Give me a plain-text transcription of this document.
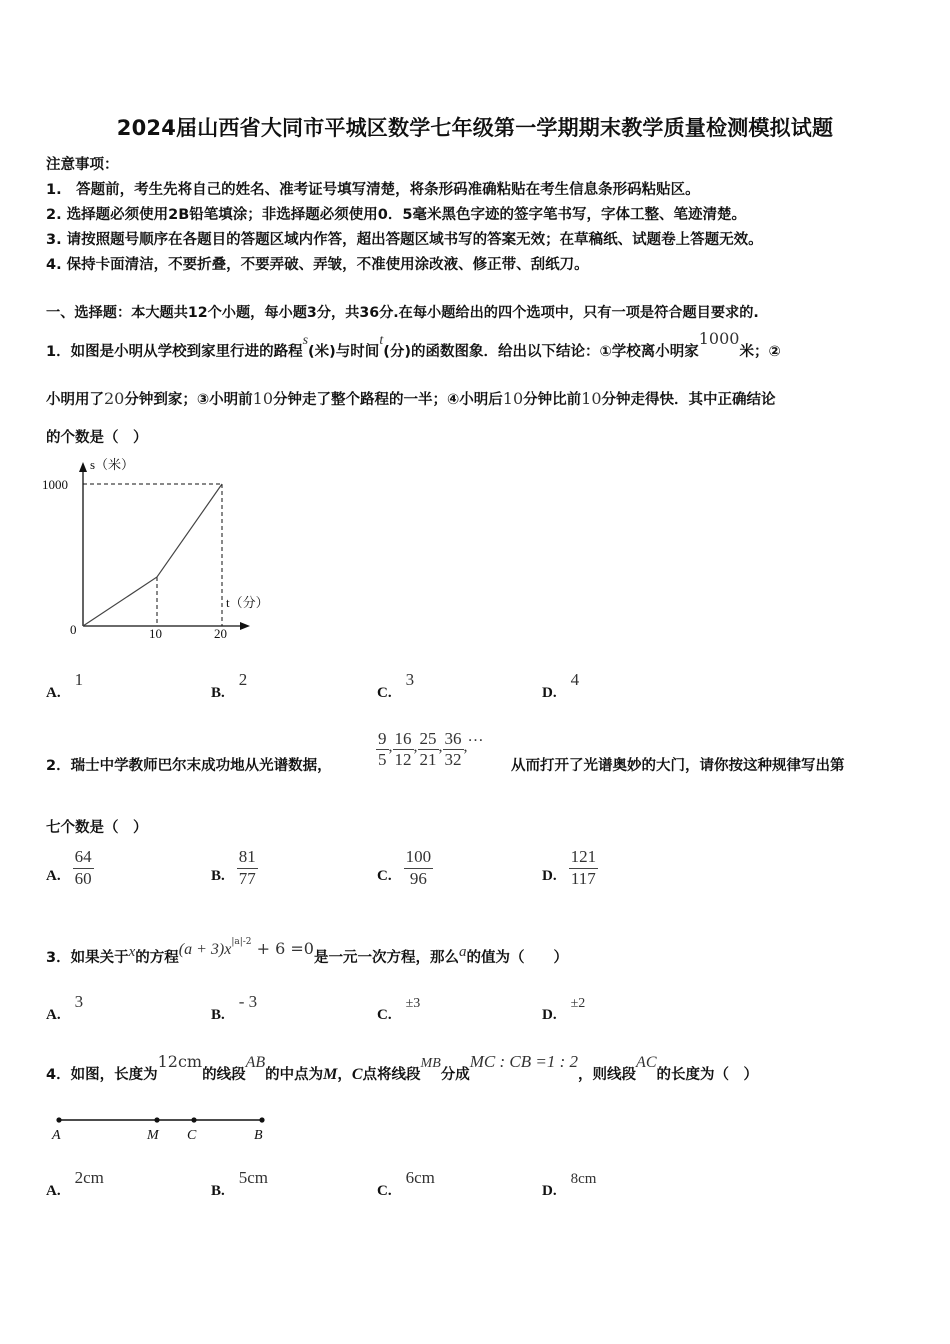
2024届山西省大同市平城区数学七年级第一学期期末教学质量检测模拟试题
注意事项：
1.　答题前，考生先将自己的姓名、准考证号填写清楚，将条形码准确粘贴在考生信息条形码粘贴区。
2. 选择题必须使用2B铅笔填涂；非选择题必须使用0．5毫米黑色字迹的签字笔书写，字体工整、笔迹清楚。
3. 请按照题号顺序在各题目的答题区域内作答，超出答题区域书写的答案无效；在草稿纸、试题卷上答题无效。
4. 保持卡面清洁，不要折叠，不要弄破、弄皱，不准使用涂改液、修正带、刮纸刀。
一、选择题：本大题共12个小题，每小题3分，共36分.在每小题给出的四个选项中，只有一项是符合题目要求的.
1．如图是小明从学校到家里行进的路程s(米)与时间t(分)的函数图象．给出以下结论：①学校离小明家1000米；②
小明用了20分钟到家；③小明前10分钟走了整个路程的一半；④小明后10分钟比前10分钟走得快．其中正确结论
的个数是（　）
s（米）
1000
t（分）
0	10	20
A.1
B.2
C.3
D.4
2．瑞士中学教师巴尔末成功地从光谱数据，	$\frac{9}{5}$ , $\frac{16}{12}$ , $\frac{25}{21}$ , $\frac{36}{32}$ ,
…
从而打开了光谱奥妙的大门，请你按这种规律写出第
七个数是（　）
A. $\frac{64}{60}$	B. $\frac{81}{77}$	C. $\frac{100}{96}$	D. $\frac{121}{117}$
3．如果关于x的方程$(a + 3)x^{|a|-2} + 6 =0$是一元一次方程，那么a的值为（　　）
A.3
B.- 3
C.±3
D.±2
4．如图，长度为12cm的线段AB的中点为M，C点将线段MB分成MC : CB =1 : 2，则线段AC的长度为（　）
A	M C	B
A.2cm
B.5cm
C.6cm
D.8cm
